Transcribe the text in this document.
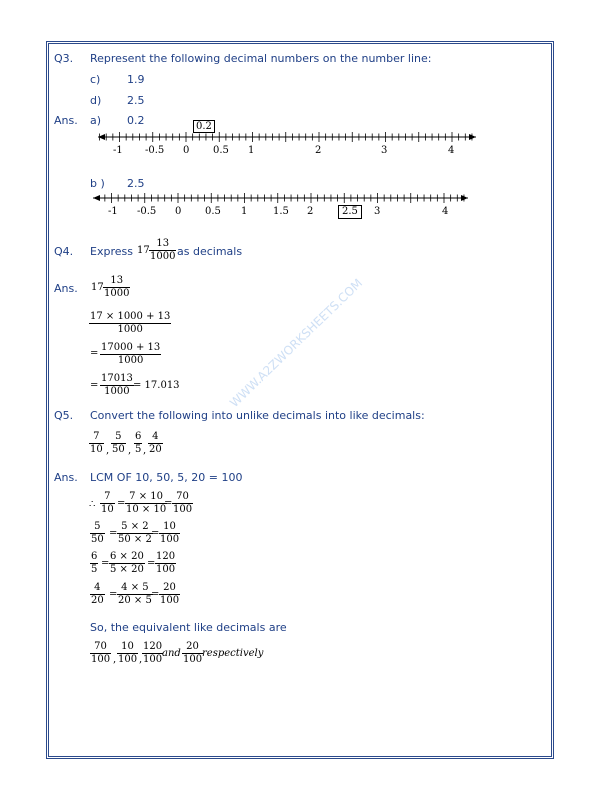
WWW.A2ZWORKSHEETS.COM
Q3. Represent the following decimal numbers on the number line:
c) 1.9
d) 2.5
Ans. a) 0.2
b ) 2.5
-1 -0.5 0 0.5 1	2	3	4
0.2
-1 -0.5 0 0.5 1	1.5 2	3	4
2.5
Q4. Express $17 \frac{13}{1000}$ as decimals
Ans. $17 \frac{13}{1000}$
$\frac{17 \times 1000 + 13}{1000}$
= $\frac{17000 + 13}{1000}$
= $\frac{17013}{1000} = 17.013$
Q5. Convert the following into unlike decimals into like decimals:
$\frac{7}{10}$ , $\frac{5}{50}$ , $\frac{6}{5}$ , $\frac{4}{20}$
Ans. LCM OF 10, 50, 5, 20 = 100
∴ $\frac{7}{10} = \frac{7 \times 10}{10 \times 10}$
= $\frac{70}{100}$
$\frac{5}{50} = \frac{5 \times 2}{50 \times 2}$
= $\frac{10}{100}$
$\frac{6}{5} = \frac{6 \times 20}{5 \times 20} = \frac{120}{100}$
$\frac{4}{20} = \frac{4 \times 5}{20 \times 5}$
= $\frac{20}{100}$
So, the equivalent like decimals are
$\frac{70}{100}$ , $\frac{10}{100}$ , $\frac{120}{100}$
and $\frac{20}{100}$
respectively
